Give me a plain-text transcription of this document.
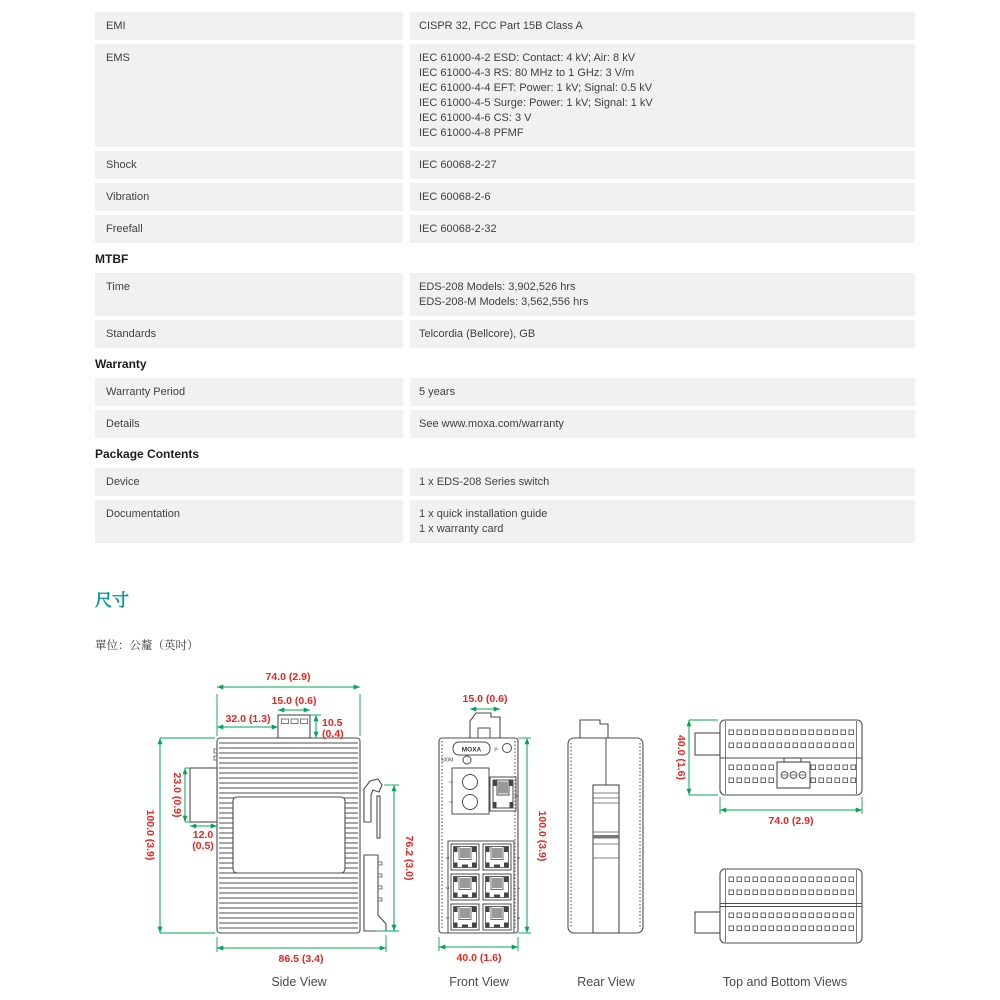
EMI	CISPR 32, FCC Part 15B Class A
EMS	IEC 61000-4-2 ESD: Contact: 4 kV; Air: 8 kV
IEC 61000-4-3 RS: 80 MHz to 1 GHz: 3 V/m
IEC 61000-4-4 EFT: Power: 1 kV; Signal: 0.5 kV
IEC 61000-4-5 Surge: Power: 1 kV; Signal: 1 kV
IEC 61000-4-6 CS: 3 V
IEC 61000-4-8 PFMF
Shock	IEC 60068-2-27
Vibration	IEC 60068-2-6
Freefall	IEC 60068-2-32
MTBF
Time	EDS-208 Models: 3,902,526 hrs
EDS-208-M Models: 3,562,556 hrs
Standards	Telcordia (Bellcore), GB
Warranty
Warranty Period	5 years
Details	See www.moxa.com/warranty
Package Contents
Device	1 x EDS-208 Series switch
Documentation	1 x quick installation guide
1 x warranty card
尺寸
單位：公釐（英吋）
74.0 (2.9)
15.0 (0.6)
32.0 (1.3)	10.5
(0.4)
23.0 (0.9)
100.0 (3.9)	12.0
(0.5)	76.2 (3.0)
86.5 (3.4)
Side View
MOXA	P
100M
7
7
8
5	6
3	4
1	2
15.0 (0.6)
100.0 (3.9)
40.0 (1.6)
Front View	Rear View
40.0 (1.6)
74.0 (2.9)
Top and Bottom Views
